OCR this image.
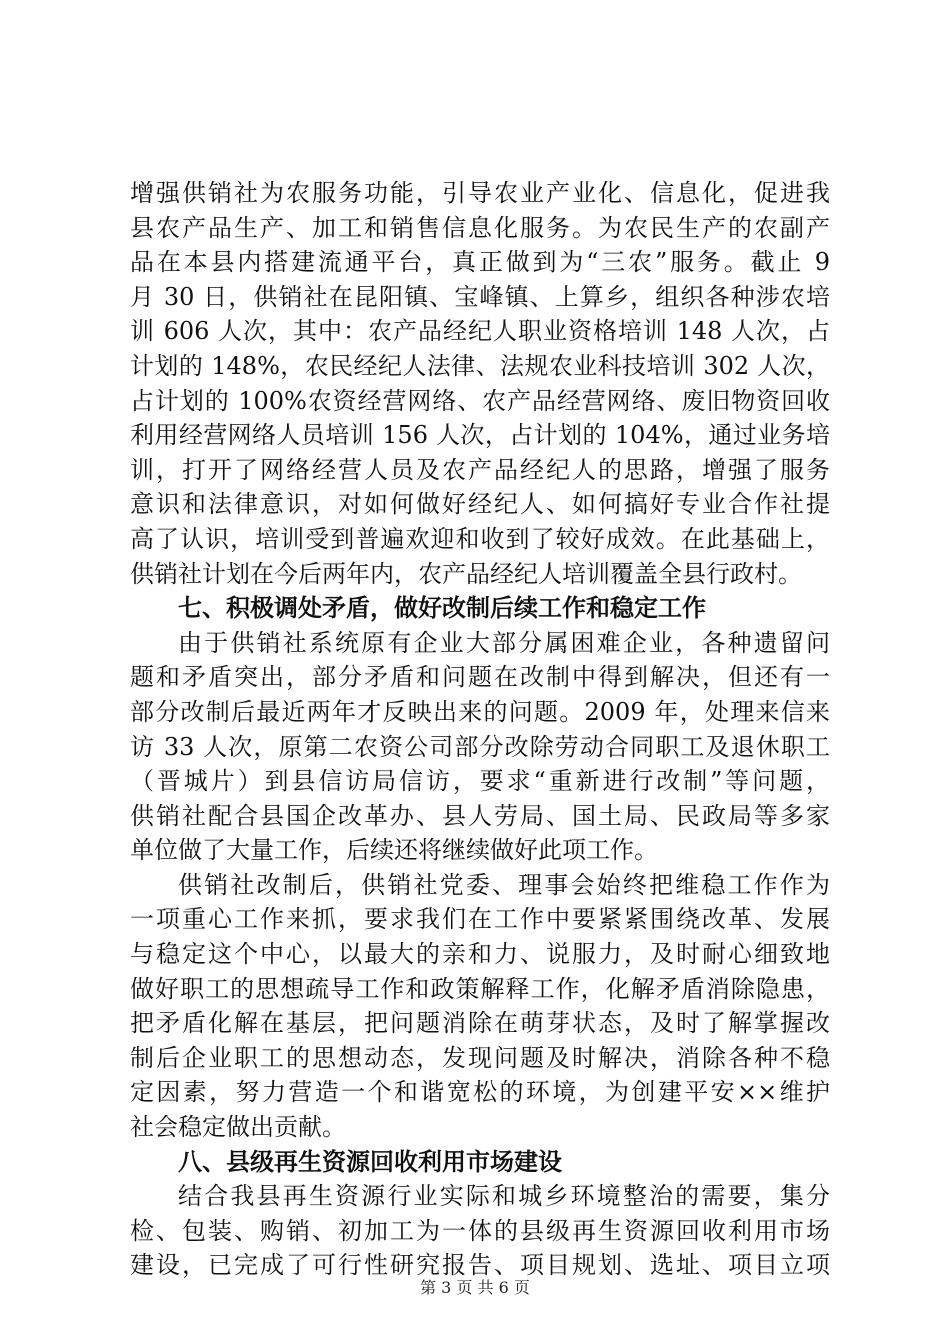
增强供销社为农服务功能，引导农业产业化、信息化，促进我
县农产品生产、加工和销售信息化服务。为农民生产的农副产
品在本县内搭建流通平台，真正做到为“三农”服务。截止 9
月 30 日，供销社在昆阳镇、宝峰镇、上算乡，组织各种涉农培
训 606 人次，其中：农产品经纪人职业资格培训 148 人次，占
计划的 148%，农民经纪人法律、法规农业科技培训 302 人次，
占计划的 100%农资经营网络、农产品经营网络、废旧物资回收
利用经营网络人员培训 156 人次，占计划的 104%，通过业务培
训，打开了网络经营人员及农产品经纪人的思路，增强了服务
意识和法律意识，对如何做好经纪人、如何搞好专业合作社提
高了认识，培训受到普遍欢迎和收到了较好成效。在此基础上，
供销社计划在今后两年内，农产品经纪人培训覆盖全县行政村。
七、积极调处矛盾，做好改制后续工作和稳定工作
由于供销社系统原有企业大部分属困难企业，各种遗留问
题和矛盾突出，部分矛盾和问题在改制中得到解决，但还有一
部分改制后最近两年才反映出来的问题。2009 年，处理来信来
访 33 人次，原第二农资公司部分改除劳动合同职工及退休职工
（晋城片）到县信访局信访，要求“重新进行改制”等问题，
供销社配合县国企改革办、县人劳局、国土局、民政局等多家
单位做了大量工作，后续还将继续做好此项工作。
供销社改制后，供销社党委、理事会始终把维稳工作作为
一项重心工作来抓，要求我们在工作中要紧紧围绕改革、发展
与稳定这个中心，以最大的亲和力、说服力，及时耐心细致地
做好职工的思想疏导工作和政策解释工作，化解矛盾消除隐患，
把矛盾化解在基层，把问题消除在萌芽状态，及时了解掌握改
制后企业职工的思想动态，发现问题及时解决，消除各种不稳
定因素，努力营造一个和谐宽松的环境，为创建平安××维护
社会稳定做出贡献。
八、县级再生资源回收利用市场建设
结合我县再生资源行业实际和城乡环境整治的需要，集分
检、包装、购销、初加工为一体的县级再生资源回收利用市场
建设，已完成了可行性研究报告、项目规划、选址、项目立项
第 3 页 共 6 页
